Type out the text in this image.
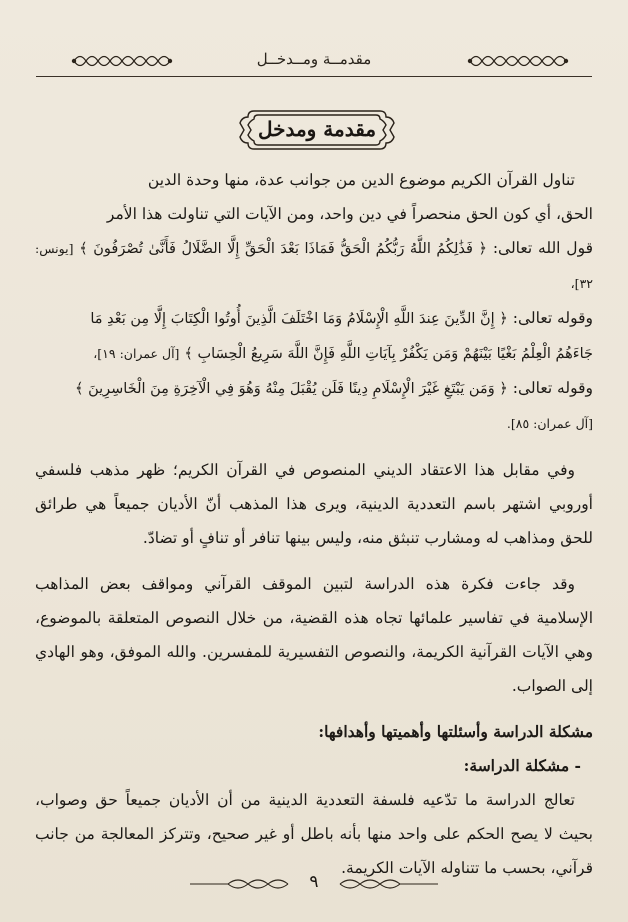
مقدمــة ومــدخــل
مقدمة ومدخل

تناول القرآن الكريم موضوع الدين من جوانب عدة، منها وحدة الدين

الحق، أي كون الحق منحصراً في دين واحد، ومن الآيات التي تناولت هذا الأمر

قول الله تعالى: ﴿ فَذَٰلِكُمُ اللَّهُ رَبُّكُمُ الْحَقُّ فَمَاذَا بَعْدَ الْحَقِّ إِلَّا الضَّلَالُ فَأَنَّىٰ تُصْرَفُونَ ﴾ [يونس: ٣٢]،

وقوله تعالى: ﴿ إِنَّ الدِّينَ عِندَ اللَّهِ الْإِسْلَامُ وَمَا اخْتَلَفَ الَّذِينَ أُوتُوا الْكِتَابَ إِلَّا مِن بَعْدِ مَا

جَاءَهُمُ الْعِلْمُ بَغْيًا بَيْنَهُمْ وَمَن يَكْفُرْ بِآيَاتِ اللَّهِ فَإِنَّ اللَّهَ سَرِيعُ الْحِسَابِ ﴾ [آل عمران: ١٩]،

وقوله تعالى: ﴿ وَمَن يَبْتَغِ غَيْرَ الْإِسْلَامِ دِينًا فَلَن يُقْبَلَ مِنْهُ وَهُوَ فِي الْآخِرَةِ مِنَ الْخَاسِرِينَ ﴾

[آل عمران: ٨٥].

وفي مقابل هذا الاعتقاد الديني المنصوص في القرآن الكريم؛ ظهر مذهب فلسفي أوروبي اشتهر باسم التعددية الدينية، ويرى هذا المذهب أنّ الأديان جميعاً هي طرائق للحق ومذاهب له ومشارب تنبثق منه، وليس بينها تنافر أو تنافٍ أو تضادّ.

وقد جاءت فكرة هذه الدراسة لتبين الموقف القرآني ومواقف بعض المذاهب الإسلامية في تفاسير علمائها تجاه هذه القضية، من خلال النصوص المتعلقة بالموضوع، وهي الآيات القرآنية الكريمة، والنصوص التفسيرية للمفسرين. والله الموفق، وهو الهادي إلى الصواب.

مشكلة الدراسة وأسئلتها وأهميتها وأهدافها:

- مشكلة الدراسة:

تعالج الدراسة ما تدّعيه فلسفة التعددية الدينية من أن الأديان جميعاً حق وصواب، بحيث لا يصح الحكم على واحد منها بأنه باطل أو غير صحيح، وتتركز المعالجة من جانب قرآني، بحسب ما تتناوله الآيات الكريمة.

٩
